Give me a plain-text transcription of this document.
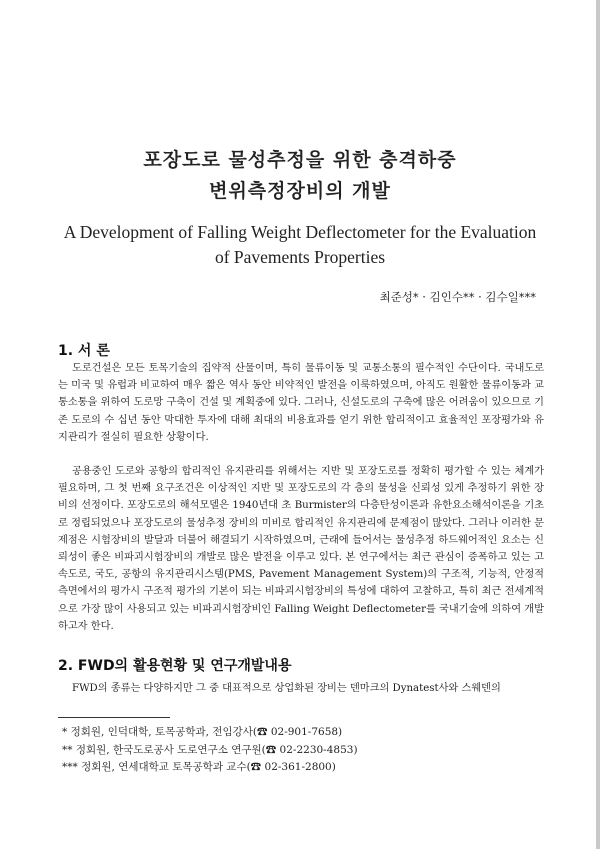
포장도로 물성추정을 위한 충격하중
변위측정장비의 개발
A Development of Falling Weight Deflectometer for the Evaluation
of Pavements Properties
최준성* · 김인수** · 김수일***
1. 서 론

도로건설은 모든 토목기술의 집약적 산물이며, 특히 물류이동 및 교통소통의 필수적인 수단이다. 국내도로는 미국 및 유럽과 비교하여 매우 짧은 역사 동안 비약적인 발전을 이룩하였으며, 아직도 원활한 물류이동과 교통소통을 위하여 도로망 구축이 건설 및 계획중에 있다. 그러나, 신설도로의 구축에 많은 어려움이 있으므로 기존 도로의 수 십년 동안 막대한 투자에 대해 최대의 비용효과를 얻기 위한 합리적이고 효율적인 포장평가와 유지관리가 절실히 필요한 상황이다.

공용중인 도로와 공항의 합리적인 유지관리를 위해서는 지반 및 포장도로를 정확히 평가할 수 있는 체계가 필요하며, 그 첫 번째 요구조건은 이상적인 지반 및 포장도로의 각 층의 물성을 신뢰성 있게 추정하기 위한 장비의 선정이다. 포장도로의 해석모델은 1940년대 초 Burmister의 다층탄성이론과 유한요소해석이론을 기초로 정립되었으나 포장도로의 물성추정 장비의 미비로 합리적인 유지관리에 문제점이 많았다. 그러나 이러한 문제점은 시험장비의 발달과 더불어 해결되기 시작하였으며, 근래에 들어서는 물성추정 하드웨어적인 요소는 신뢰성이 좋은 비파괴시험장비의 개발로 많은 발전을 이루고 있다. 본 연구에서는 최근 관심이 증폭하고 있는 고속도로, 국도, 공항의 유지관리시스템(PMS, Pavement Management System)의 구조적, 기능적, 안정적 측면에서의 평가시 구조적 평가의 기본이 되는 비파괴시험장비의 특성에 대하여 고찰하고, 특히 최근 전세계적으로 가장 많이 사용되고 있는 비파괴시험장비인 Falling Weight Deflectometer를 국내기술에 의하여 개발하고자 한다.

2. FWD의 활용현황 및 연구개발내용

FWD의 종류는 다양하지만 그 중 대표적으로 상업화된 장비는 덴마크의 Dynatest사와 스웨덴의

* 정회원, 인덕대학, 토목공학과, 전임강사(☎ 02-901-7658)
** 정회원, 한국도로공사 도로연구소 연구원(☎ 02-2230-4853)
*** 정회원, 연세대학교 토목공학과 교수(☎ 02-361-2800)
